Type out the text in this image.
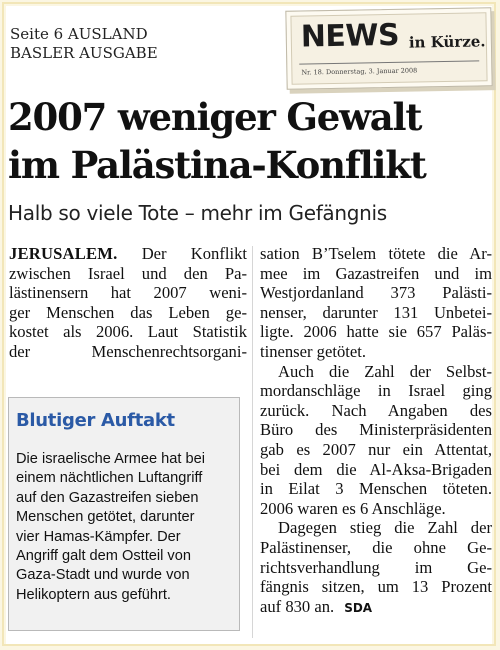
Seite 6 AUSLAND
BASLER AUSGABE	NEWS in Kürze.
Nr. 18. Donnerstag, 3. Januar 2008
2007 weniger Gewalt
im Palästina-Konflikt
Halb so viele Tote – mehr im Gefängnis
JERUSALEM. Der Konflikt
zwischen Israel und den Pa-
lästinensern hat 2007 weni-
ger Menschen das Leben ge-
kostet als 2006. Laut Statistik
der Menschenrechtsorgani-
sation B’Tselem tötete die Ar-
mee im Gazastreifen und im
Westjordanland 373 Palästi-
nenser, darunter 131 Unbetei-
ligte. 2006 hatte sie 657 Paläs-
tinenser getötet.
Auch die Zahl der Selbst-
mordanschläge in Israel ging
zurück. Nach Angaben des
Büro des Ministerpräsidenten
gab es 2007 nur ein Attentat,
bei dem die Al-Aksa-Brigaden
in Eilat 3 Menschen töteten.
2006 waren es 6 Anschläge.
Dagegen stieg die Zahl der
Palästinenser, die ohne Ge-
richtsverhandlung im Ge-
fängnis sitzen, um 13 Prozent
auf 830 an. SDA
Blutiger Auftakt
Die israelische Armee hat bei
einem nächtlichen Luftangriff
auf den Gazastreifen sieben
Menschen getötet, darunter
vier Hamas-Kämpfer. Der
Angriff galt dem Ostteil von
Gaza-Stadt und wurde von
Helikoptern aus geführt.
